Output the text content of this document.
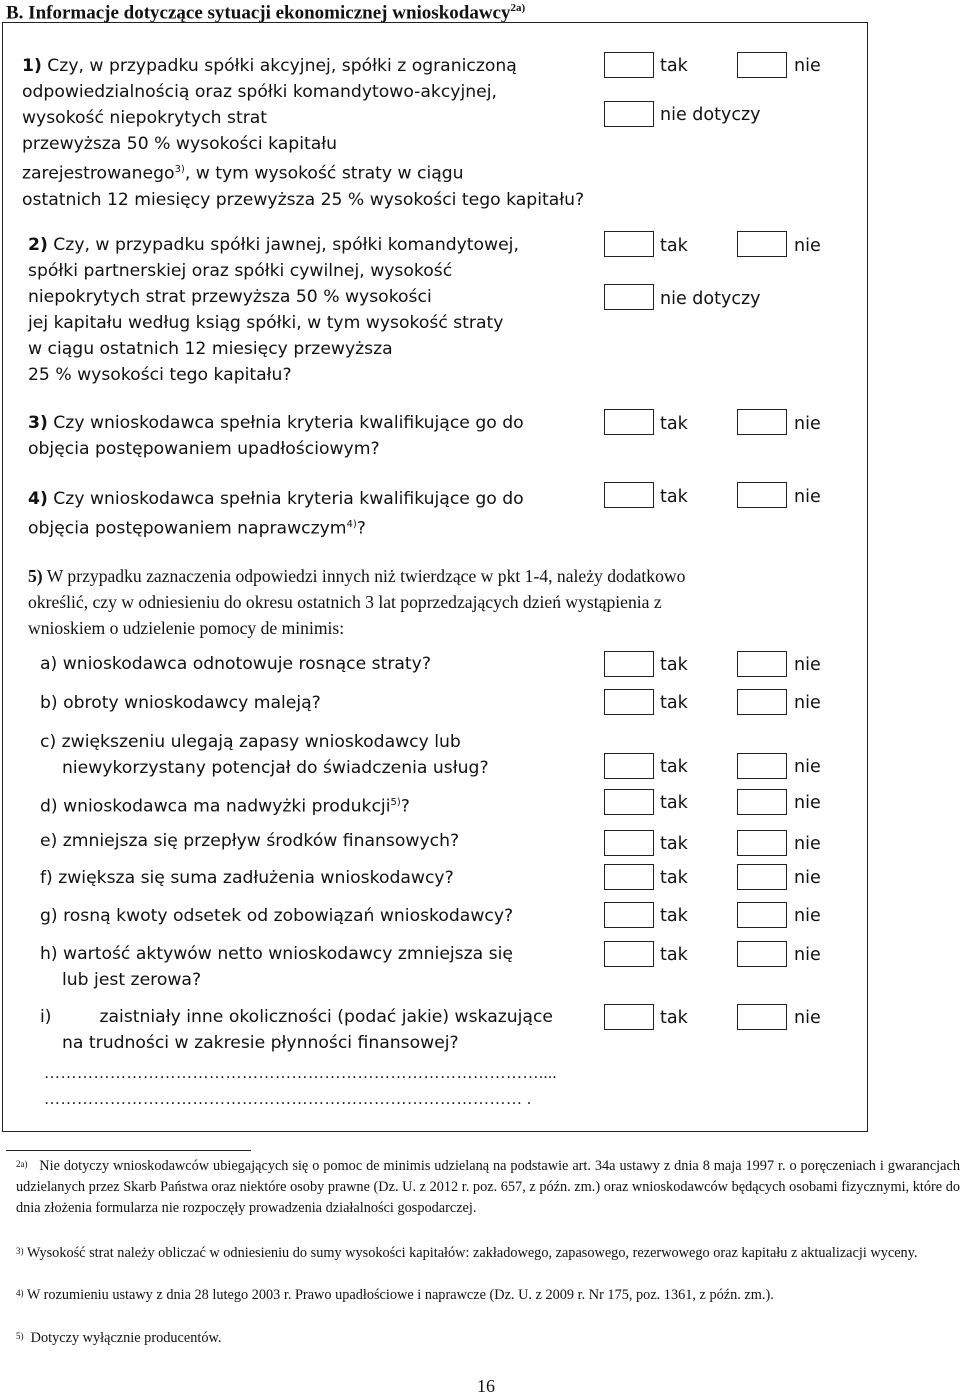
B. Informacje dotyczące sytuacji ekonomicznej wnioskodawcy$^{2a)}$
1) Czy, w przypadku spółki akcyjnej, spółki z ograniczoną
odpowiedzialnością oraz spółki komandytowo-akcyjnej,
wysokość niepokrytych strat
przewyższa 50 % wysokości kapitału
zarejestrowanego$^{3)}$, w tym wysokość straty w ciągu
ostatnich 12 miesięcy przewyższa 25 % wysokości tego kapitału?
tak	nie
nie dotyczy
2) Czy, w przypadku spółki jawnej, spółki komandytowej,
spółki partnerskiej oraz spółki cywilnej, wysokość
niepokrytych strat przewyższa 50 % wysokości
jej kapitału według ksiąg spółki, w tym wysokość straty
w ciągu ostatnich 12 miesięcy przewyższa
25 % wysokości tego kapitału?
tak	nie
nie dotyczy
3) Czy wnioskodawca spełnia kryteria kwalifikujące go do
objęcia postępowaniem upadłościowym?
tak	nie
4) Czy wnioskodawca spełnia kryteria kwalifikujące go do
objęcia postępowaniem naprawczym$^{4)}$?
tak	nie
5) W przypadku zaznaczenia odpowiedzi innych niż twierdzące w pkt 1-4, należy dodatkowo
określić, czy w odniesieniu do okresu ostatnich 3 lat poprzedzających dzień wystąpienia z
wnioskiem o udzielenie pomocy de minimis:
a) wnioskodawca odnotowuje rosnące straty?	tak	nie
b) obroty wnioskodawcy maleją?	tak	nie
c) zwiększeniu ulegają zapasy wnioskodawcy lub
niewykorzystany potencjał do świadczenia usług?	tak	nie
d) wnioskodawca ma nadwyżki produkcji$^{5)}$?	tak	nie
e) zmniejsza się przepływ środków finansowych?	tak	nie
f) zwiększa się suma zadłużenia wnioskodawcy?	tak	nie
g) rosną kwoty odsetek od zobowiązań wnioskodawcy?	tak	nie
h) wartość aktywów netto wnioskodawcy zmniejsza się
lub jest zerowa?
tak	nie
i)	zaistniały inne okoliczności (podać jakie) wskazujące
na trudności w zakresie płynności finansowej?
tak	nie
………………………………………………………………………………....
…………………………………………………………………………… .
$^{2a)}$ Nie dotyczy wnioskodawców ubiegających się o pomoc de minimis udzielaną na podstawie art. 34a ustawy z dnia 8 maja 1997 r. o poręczeniach i gwarancjach udzielanych przez Skarb Państwa oraz niektóre osoby prawne (Dz. U. z 2012 r. poz. 657, z późn. zm.) oraz wnioskodawców będących osobami fizycznymi, które do dnia złożenia formularza nie rozpoczęły prowadzenia działalności gospodarczej.
$^{3)}$ Wysokość strat należy obliczać w odniesieniu do sumy wysokości kapitałów: zakładowego, zapasowego, rezerwowego oraz kapitału z aktualizacji wyceny.
$^{4)}$ W rozumieniu ustawy z dnia 28 lutego 2003 r. Prawo upadłościowe i naprawcze (Dz. U. z 2009 r. Nr 175, poz. 1361, z późn. zm.).
$^{5)}$ Dotyczy wyłącznie producentów.
16
